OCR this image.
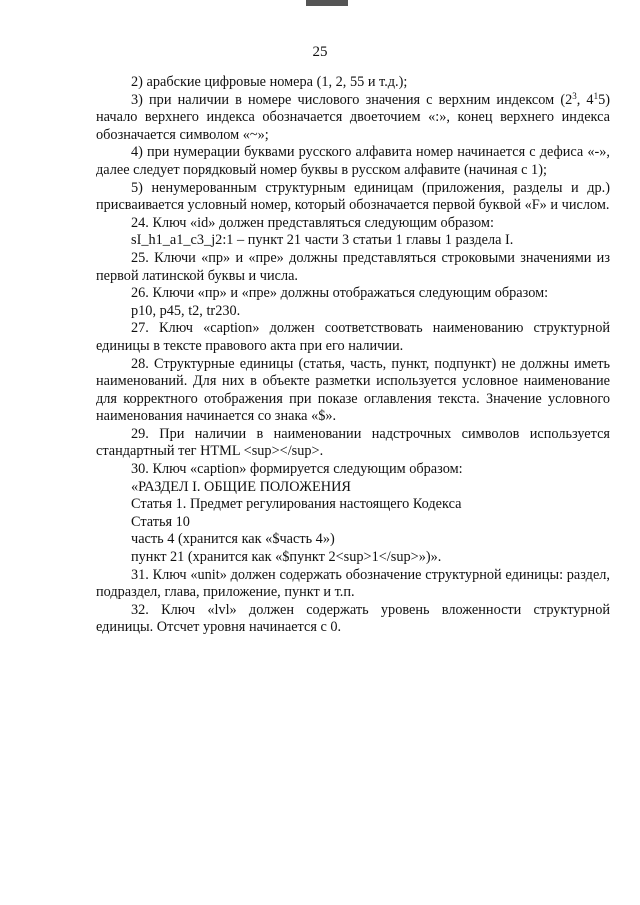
25

2) арабские цифровые номера (1, 2, 55 и т.д.);

3) при наличии в номере числового значения с верхним индексом ($2^3$, $4^15$) начало верхнего индекса обозначается двоеточием «:», конец верхнего индекса обозначается символом «~»;

4) при нумерации буквами русского алфавита номер начинается с дефиса «-», далее следует порядковый номер буквы в русском алфавите (начиная с 1);

5) ненумерованным структурным единицам (приложения, разделы и др.) присваивается условный номер, который обозначается первой буквой «F» и числом.

24. Ключ «id» должен представляться следующим образом:

sI_h1_a1_c3_j2:1 – пункт 21 части 3 статьи 1 главы 1 раздела I.

25. Ключи «пр» и «пре» должны представляться строковыми значениями из первой латинской буквы и числа.

26. Ключи «пр» и «пре» должны отображаться следующим образом:

p10, p45, t2, tr230.

27. Ключ «caption» должен соответствовать наименованию структурной единицы в тексте правового акта при его наличии.

28. Структурные единицы (статья, часть, пункт, подпункт) не должны иметь наименований. Для них в объекте разметки используется условное наименование для корректного отображения при показе оглавления текста. Значение условного наименования начинается со знака «$».

29. При наличии в наименовании надстрочных символов используется стандартный тег HTML <sup></sup>.

30. Ключ «caption» формируется следующим образом:

«РАЗДЕЛ I. ОБЩИЕ ПОЛОЖЕНИЯ

Статья 1. Предмет регулирования настоящего Кодекса

Статья 10

часть 4 (хранится как «$часть 4»)

пункт 21 (хранится как «$пункт 2<sup>1</sup>»)».

31. Ключ «unit» должен содержать обозначение структурной единицы: раздел, подраздел, глава, приложение, пункт и т.п.

32. Ключ «lvl» должен содержать уровень вложенности структурной единицы. Отсчет уровня начинается с 0.
